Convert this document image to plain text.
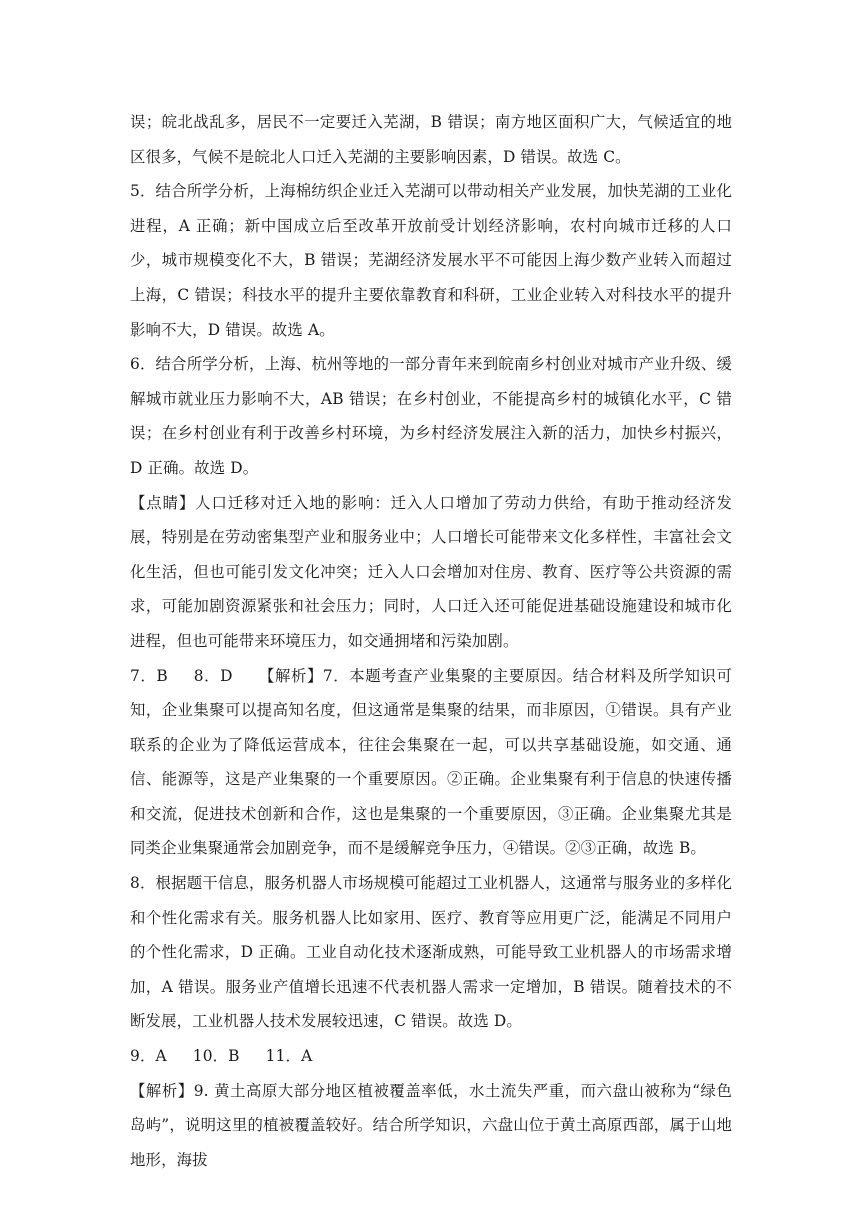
误；皖北战乱多，居民不一定要迁入芜湖，B 错误；南方地区面积广大，气候适宜的地区很多，气候不是皖北人口迁入芜湖的主要影响因素，D 错误。故选 C。

5．结合所学分析，上海棉纺织企业迁入芜湖可以带动相关产业发展，加快芜湖的工业化进程，A 正确；新中国成立后至改革开放前受计划经济影响，农村向城市迁移的人口少，城市规模变化不大，B 错误；芜湖经济发展水平不可能因上海少数产业转入而超过上海，C 错误；科技水平的提升主要依靠教育和科研，工业企业转入对科技水平的提升影响不大，D 错误。故选 A。

6．结合所学分析，上海、杭州等地的一部分青年来到皖南乡村创业对城市产业升级、缓解城市就业压力影响不大，AB 错误；在乡村创业，不能提高乡村的城镇化水平，C 错误；在乡村创业有利于改善乡村环境，为乡村经济发展注入新的活力，加快乡村振兴，D 正确。故选 D。

【点睛】人口迁移对迁入地的影响：迁入人口增加了劳动力供给，有助于推动经济发展，特别是在劳动密集型产业和服务业中；人口增长可能带来文化多样性，丰富社会文化生活，但也可能引发文化冲突；迁入人口会增加对住房、教育、医疗等公共资源的需求，可能加剧资源紧张和社会压力；同时，人口迁入还可能促进基础设施建设和城市化进程，但也可能带来环境压力，如交通拥堵和污染加剧。

7．B 8．D 【解析】7．本题考查产业集聚的主要原因。结合材料及所学知识可知，企业集聚可以提高知名度，但这通常是集聚的结果，而非原因，①错误。具有产业联系的企业为了降低运营成本，往往会集聚在一起，可以共享基础设施，如交通、通信、能源等，这是产业集聚的一个重要原因。②正确。企业集聚有利于信息的快速传播和交流，促进技术创新和合作，这也是集聚的一个重要原因，③正确。企业集聚尤其是同类企业集聚通常会加剧竞争，而不是缓解竞争压力，④错误。②③正确，故选 B。

8．根据题干信息，服务机器人市场规模可能超过工业机器人，这通常与服务业的多样化和个性化需求有关。服务机器人比如家用、医疗、教育等应用更广泛，能满足不同用户的个性化需求，D 正确。工业自动化技术逐渐成熟，可能导致工业机器人的市场需求增加，A 错误。服务业产值增长迅速不代表机器人需求一定增加，B 错误。随着技术的不断发展，工业机器人技术发展较迅速，C 错误。故选 D。

9．A 10．B 11．A

【解析】9. 黄土高原大部分地区植被覆盖率低，水土流失严重，而六盘山被称为“绿色岛屿”，说明这里的植被覆盖较好。结合所学知识，六盘山位于黄土高原西部，属于山地地形，海拔
